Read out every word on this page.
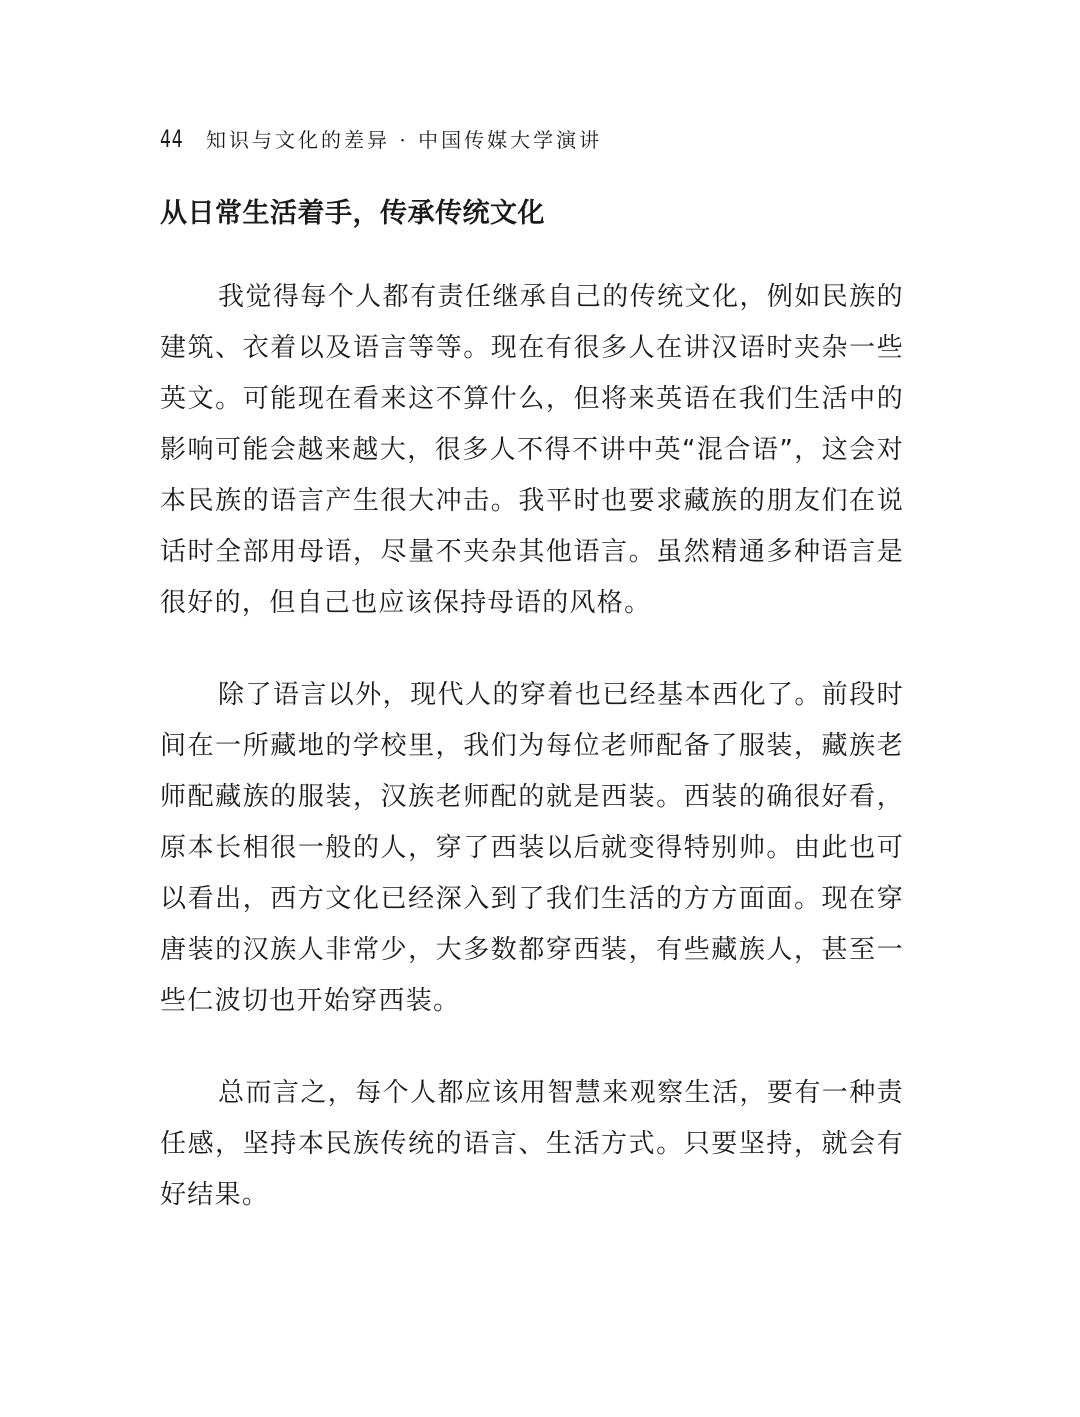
44 知识与文化的差异 · 中国传媒大学演讲
从日常生活着手，传承传统文化

我觉得每个人都有责任继承自己的传统文化，例如民族的建筑、衣着以及语言等等。现在有很多人在讲汉语时夹杂一些英文。可能现在看来这不算什么，但将来英语在我们生活中的影响可能会越来越大，很多人不得不讲中英“混合语”，这会对本民族的语言产生很大冲击。我平时也要求藏族的朋友们在说话时全部用母语，尽量不夹杂其他语言。虽然精通多种语言是很好的，但自己也应该保持母语的风格。

除了语言以外，现代人的穿着也已经基本西化了。前段时间在一所藏地的学校里，我们为每位老师配备了服装，藏族老师配藏族的服装，汉族老师配的就是西装。西装的确很好看，原本长相很一般的人，穿了西装以后就变得特别帅。由此也可以看出，西方文化已经深入到了我们生活的方方面面。现在穿唐装的汉族人非常少，大多数都穿西装，有些藏族人，甚至一些仁波切也开始穿西装。

总而言之，每个人都应该用智慧来观察生活，要有一种责任感，坚持本民族传统的语言、生活方式。只要坚持，就会有好结果。
